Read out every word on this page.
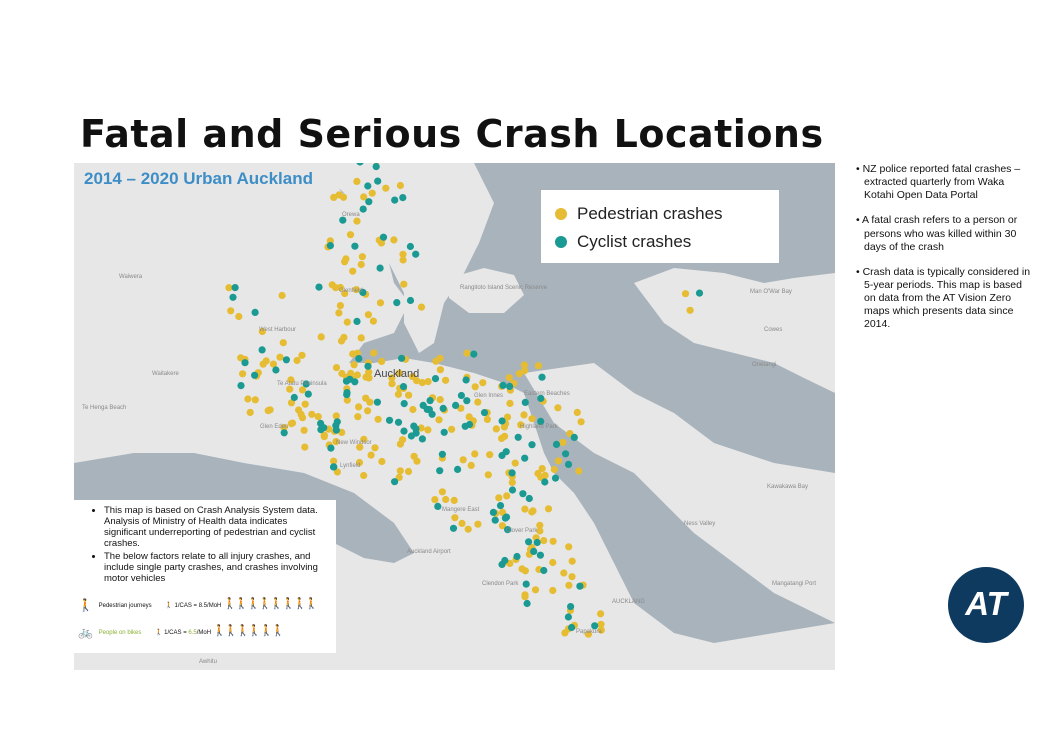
Fatal and Serious Crash Locations
Orewa
Waiwera
Glenfield
West Harbour
Waitakere
Te Atatu Peninsula
Auckland
Glen Innes	Eastern Beaches
Te Henga Beach
Glen Eden
New Windsor
Lynfield
Highland Park
Mangere East
Clover Park
Auckland Airport
Clendon Park
Papakura
Ness Valley
Kawakawa Bay
Man O'War Bay
Cowes
Onetangi
Mangatangi Port
AUCKLAND
Awhitu
Rangitoto Island Scenic Reserve
2014 – 2020 Urban Auckland
Pedestrian crashes
Cyclist crashes
• This map is based on Crash Analysis System data. Analysis of Ministry of Health data indicates significant underreporting of pedestrian and cyclist crashes.
• The below factors relate to all injury crashes, and include single party crashes, and crashes involving motor vehicles
🚶 Pedestrian journeys 🚶 1/CAS = 8.5/MoH 🚶🚶🚶🚶🚶🚶🚶🚶
🚲 People on bikes 🚶 1/CAS = 6.5/MoH 🚶🚶🚶🚶🚶🚶

• NZ police reported fatal crashes – extracted quarterly from Waka Kotahi Open Data Portal

• A fatal crash refers to a person or persons who was killed within 30 days of the crash

• Crash data is typically considered in 5-year periods. This map is based on data from the AT Vision Zero maps which presents data since 2014.

AT
